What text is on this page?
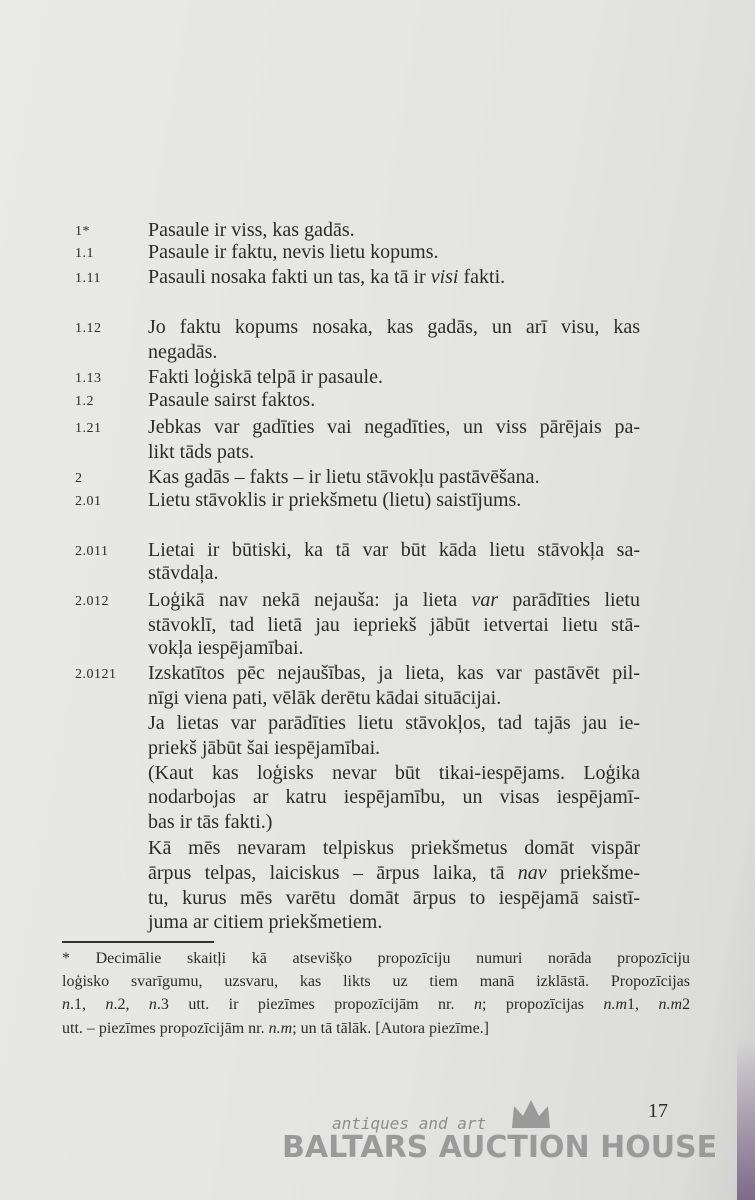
1*	Pasaule ir viss, kas gadās.
1.1	Pasaule ir faktu, nevis lietu kopums.
1.11 Pasauli nosaka fakti un tas, ka tā ir visi fakti.
1.12 Jo faktu kopums nosaka, kas gadās, un arī visu, kas
negadās.
1.13 Fakti loģiskā telpā ir pasaule.
1.2	Pasaule sairst faktos.
1.21 Jebkas var gadīties vai negadīties, un viss pārējais pa-
likt tāds pats.
2	Kas gadās – fakts – ir lietu stāvokļu pastāvēšana.
2.01 Lietu stāvoklis ir priekšmetu (lietu) saistījums.
2.011 Lietai ir būtiski, ka tā var būt kāda lietu stāvokļa sa-
stāvdaļa.
2.012 Loģikā nav nekā nejauša: ja lieta var parādīties lietu
stāvoklī, tad lietā jau iepriekš jābūt ietvertai lietu stā-
vokļa iespējamībai.
2.0121 Izskatītos pēc nejaušības, ja lieta, kas var pastāvēt pil-
nīgi viena pati, vēlāk derētu kādai situācijai.
Ja lietas var parādīties lietu stāvokļos, tad tajās jau ie-
priekš jābūt šai iespējamībai.
(Kaut kas loģisks nevar būt tikai-iespējams. Loģika
nodarbojas ar katru iespējamību, un visas iespējamī-
bas ir tās fakti.)
Kā mēs nevaram telpiskus priekšmetus domāt vispār
ārpus telpas, laiciskus – ārpus laika, tā nav priekšme-
tu, kurus mēs varētu domāt ārpus to iespējamā saistī-
juma ar citiem priekšmetiem.
* Decimālie skaitļi kā atsevišķo propozīciju numuri norāda propozīciju
loģisko svarīgumu, uzsvaru, kas likts uz tiem manā izklāstā. Propozīcijas
n.1, n.2, n.3 utt. ir piezīmes propozīcijām nr. n; propozīcijas n.m1, n.m2
utt. – piezīmes propozīcijām nr. n.m; un tā tālāk. [Autora piezīme.]
17
antiques and art
BALTARS AUCTION HOUSE
